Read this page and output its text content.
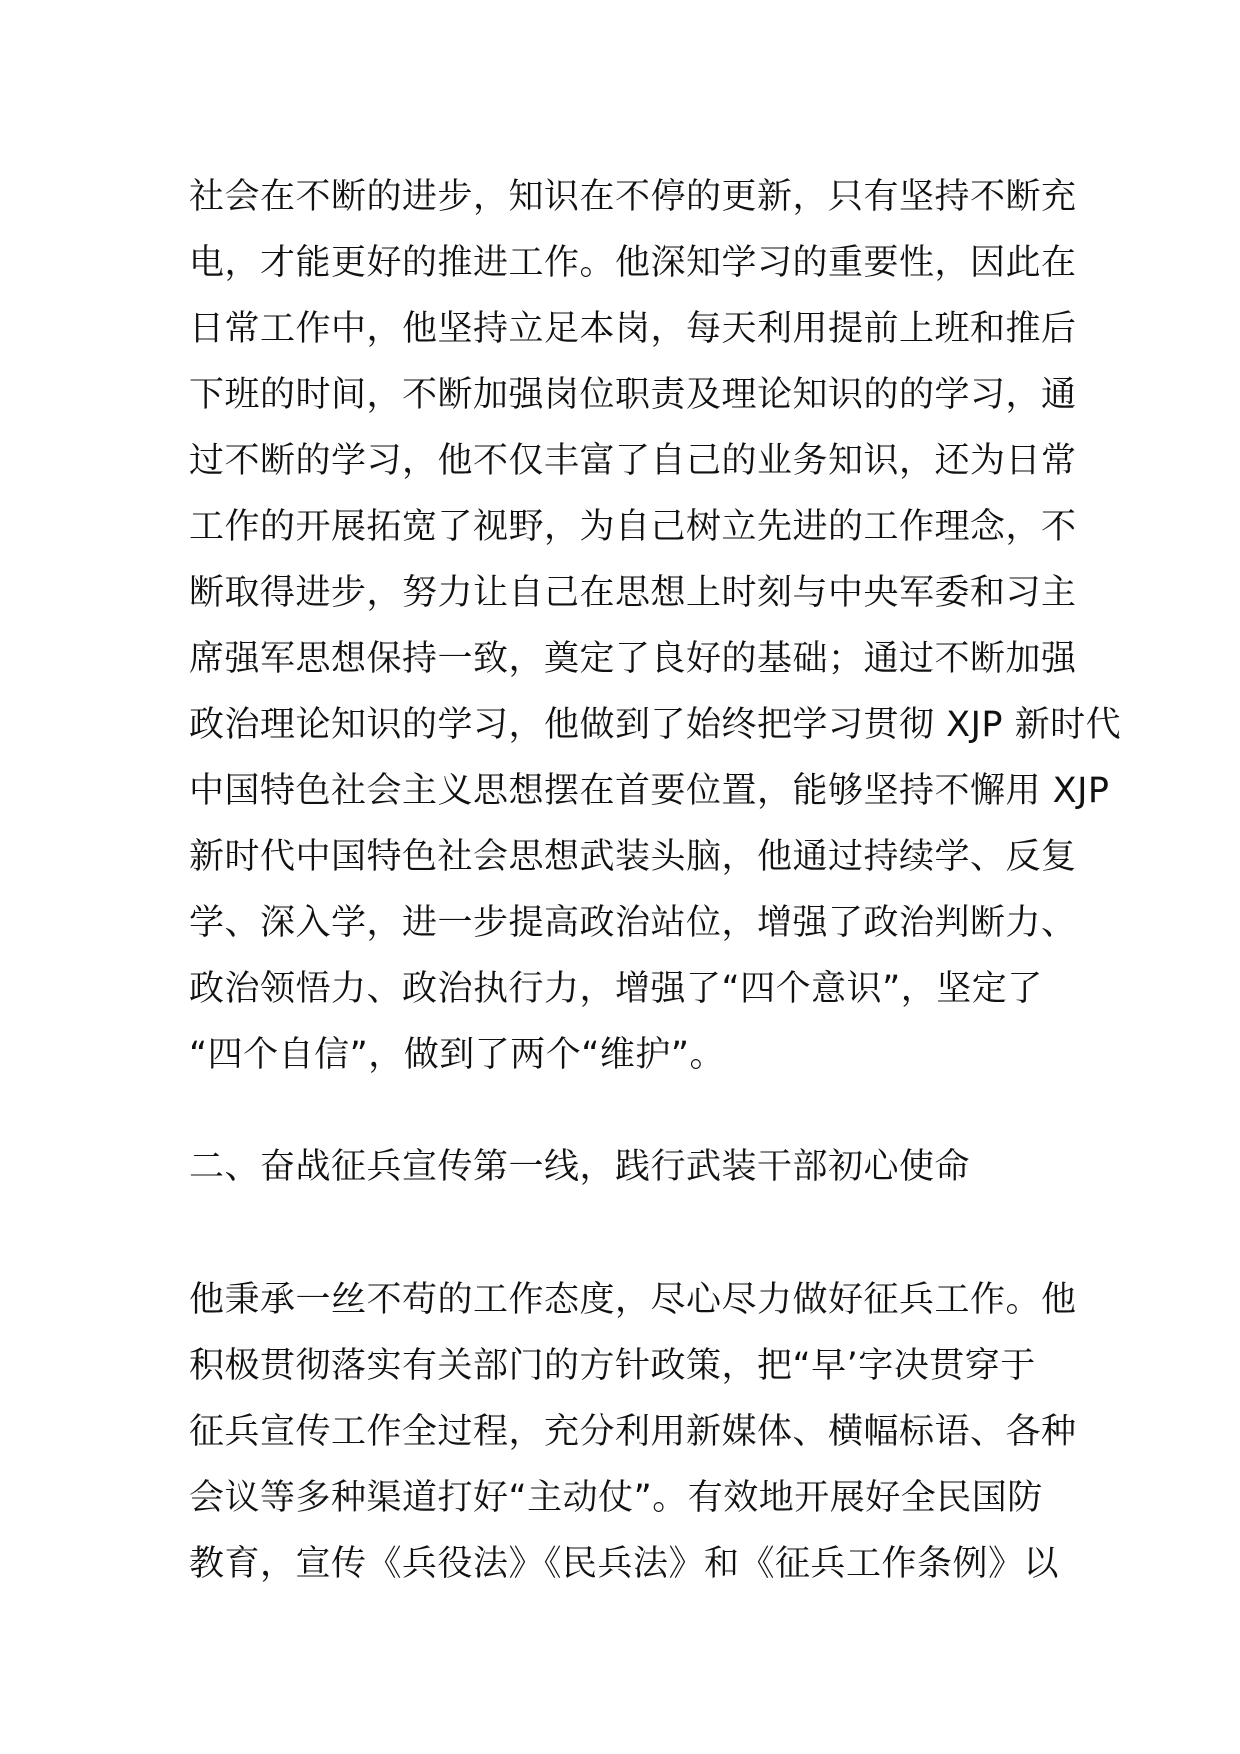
社会在不断的进步，知识在不停的更新，只有坚持不断充
电，才能更好的推进工作。他深知学习的重要性，因此在
日常工作中，他坚持立足本岗，每天利用提前上班和推后
下班的时间，不断加强岗位职责及理论知识的的学习，通
过不断的学习，他不仅丰富了自己的业务知识，还为日常
工作的开展拓宽了视野，为自己树立先进的工作理念，不
断取得进步，努力让自己在思想上时刻与中央军委和习主
席强军思想保持一致，奠定了良好的基础；通过不断加强
政治理论知识的学习，他做到了始终把学习贯彻 XJP 新时代
中国特色社会主义思想摆在首要位置，能够坚持不懈用 XJP
新时代中国特色社会思想武装头脑，他通过持续学、反复
学、深入学，进一步提高政治站位，增强了政治判断力、
政治领悟力、政治执行力，增强了“四个意识”，坚定了
“四个自信”，做到了两个“维护”。
二、奋战征兵宣传第一线，践行武装干部初心使命
他秉承一丝不苟的工作态度，尽心尽力做好征兵工作。他
积极贯彻落实有关部门的方针政策，把“早’字决贯穿于
征兵宣传工作全过程，充分利用新媒体、横幅标语、各种
会议等多种渠道打好“主动仗”。有效地开展好全民国防
教育，宣传《兵役法》《民兵法》和《征兵工作条例》以
